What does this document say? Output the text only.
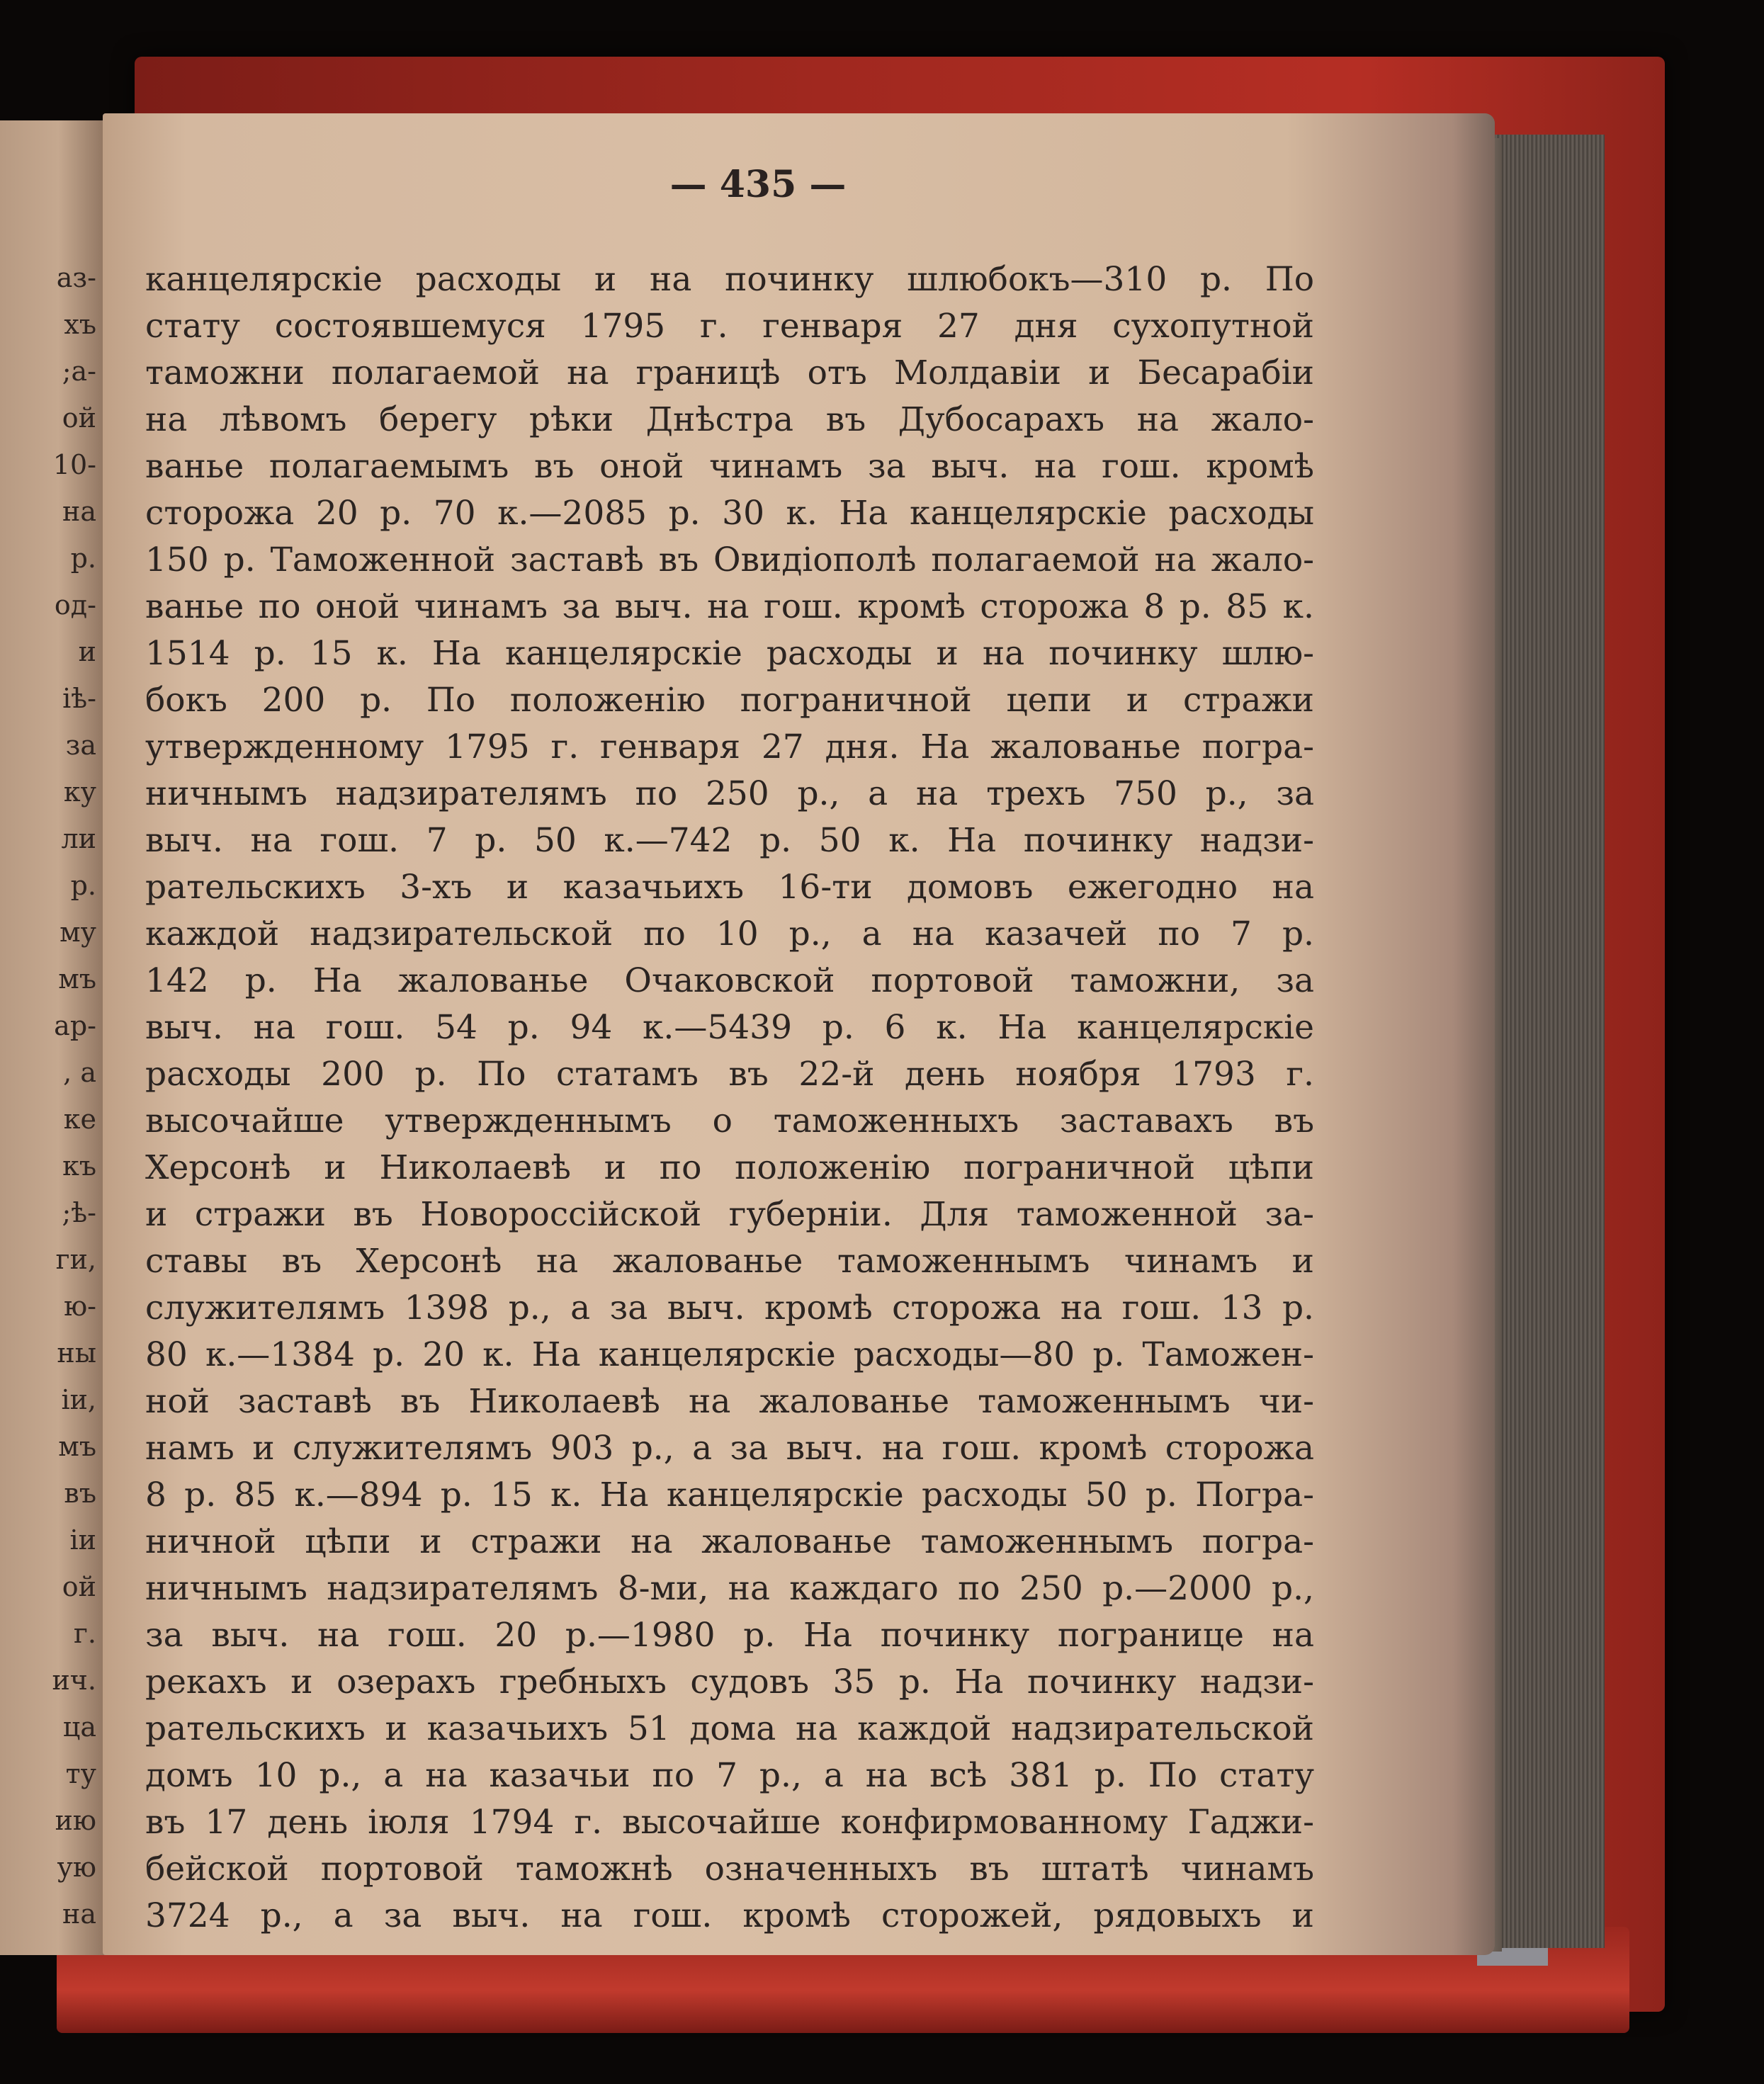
аз-
хъ
;а-
ой
10-
на
р.
од-
и
іѣ-
за
ку
ли
р.
му
мъ
ар-
, а
ке
къ
;ѣ-
ги,
ю-
ны
іи,
мъ
въ
іи
ой
г.
ич.
ца
ту
ию
ую
на
— 435 —
канцелярскіе расходы и на починку шлюбокъ—310 р. По
стату состоявшемуся 1795 г. генваря 27 дня сухопутной
таможни полагаемой на границѣ отъ Молдавіи и Бесарабіи
на лѣвомъ берегу рѣки Днѣстра въ Дубосарахъ на жало-
ванье полагаемымъ въ оной чинамъ за выч. на гош. кромѣ
сторожа 20 р. 70 к.—2085 р. 30 к. На канцелярскіе расходы
150 р. Таможенной заставѣ въ Овидіополѣ полагаемой на жало-
ванье по оной чинамъ за выч. на гош. кромѣ сторожа 8 р. 85 к.
1514 р. 15 к. На канцелярскіе расходы и на починку шлю-
бокъ 200 р. По положенію пограничной цепи и стражи
утвержденному 1795 г. генваря 27 дня. На жалованье погра-
ничнымъ надзирателямъ по 250 р., а на трехъ 750 р., за
выч. на гош. 7 р. 50 к.—742 р. 50 к. На починку надзи-
рательскихъ 3-хъ и казачьихъ 16-ти домовъ ежегодно на
каждой надзирательской по 10 р., а на казачей по 7 р.
142 р. На жалованье Очаковской портовой таможни, за
выч. на гош. 54 р. 94 к.—5439 р. 6 к. На канцелярскіе
расходы 200 р. По статамъ въ 22-й день ноября 1793 г.
высочайше утвержденнымъ о таможенныхъ заставахъ въ
Херсонѣ и Николаевѣ и по положенію пограничной цѣпи
и стражи въ Новороссійской губерніи. Для таможенной за-
ставы въ Херсонѣ на жалованье таможеннымъ чинамъ и
служителямъ 1398 р., а за выч. кромѣ сторожа на гош. 13 р.
80 к.—1384 р. 20 к. На канцелярскіе расходы—80 р. Таможен-
ной заставѣ въ Николаевѣ на жалованье таможеннымъ чи-
намъ и служителямъ 903 р., а за выч. на гош. кромѣ сторожа
8 р. 85 к.—894 р. 15 к. На канцелярскіе расходы 50 р. Погра-
ничной цѣпи и стражи на жалованье таможеннымъ погра-
ничнымъ надзирателямъ 8-ми, на каждаго по 250 р.—2000 р.,
за выч. на гош. 20 р.—1980 р. На починку погранице на
рекахъ и озерахъ гребныхъ судовъ 35 р. На починку надзи-
рательскихъ и казачьихъ 51 дома на каждой надзирательской
домъ 10 р., а на казачьи по 7 р., а на всѣ 381 р. По стату
въ 17 день іюля 1794 г. высочайше конфирмованному Гаджи-
бейской портовой таможнѣ означенныхъ въ штатѣ чинамъ
3724 р., а за выч. на гош. кромѣ сторожей, рядовыхъ и
